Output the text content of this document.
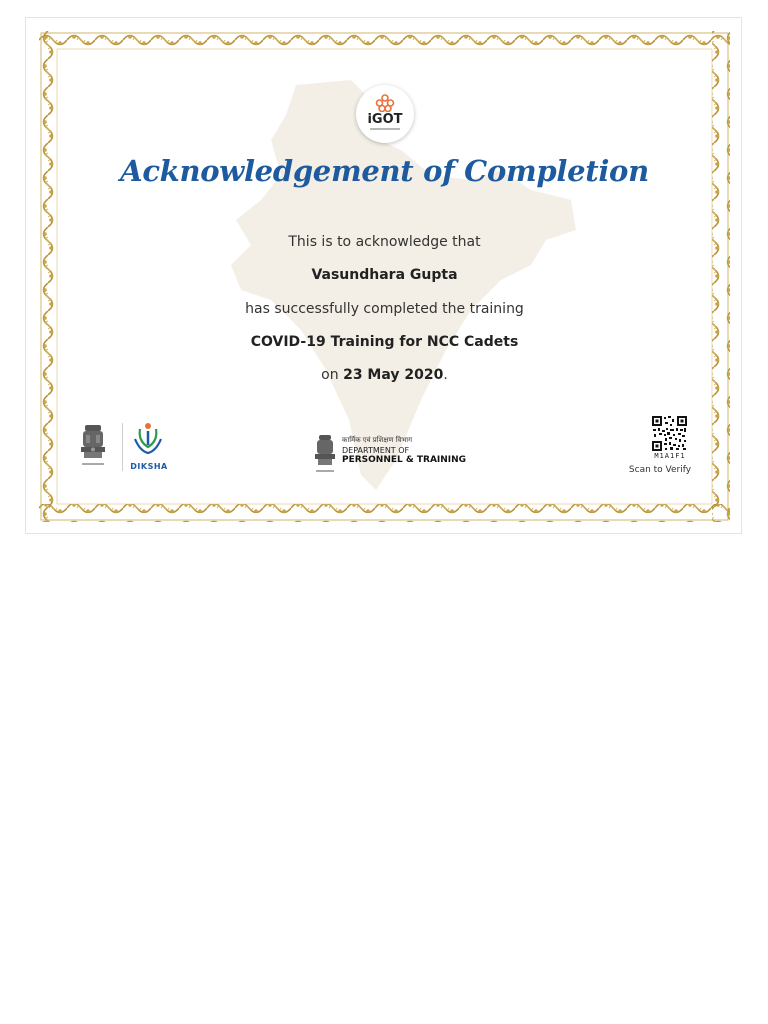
iGOT
Acknowledgement of Completion
This is to acknowledge that
Vasundhara Gupta
has successfully completed the training
COVID-19 Training for NCC Cadets
on 23 May 2020.
DIKSHA
कार्मिक एवं प्रशिक्षण विभाग
DEPARTMENT OF
PERSONNEL & TRAINING	M1A1F1
Scan to Verify
